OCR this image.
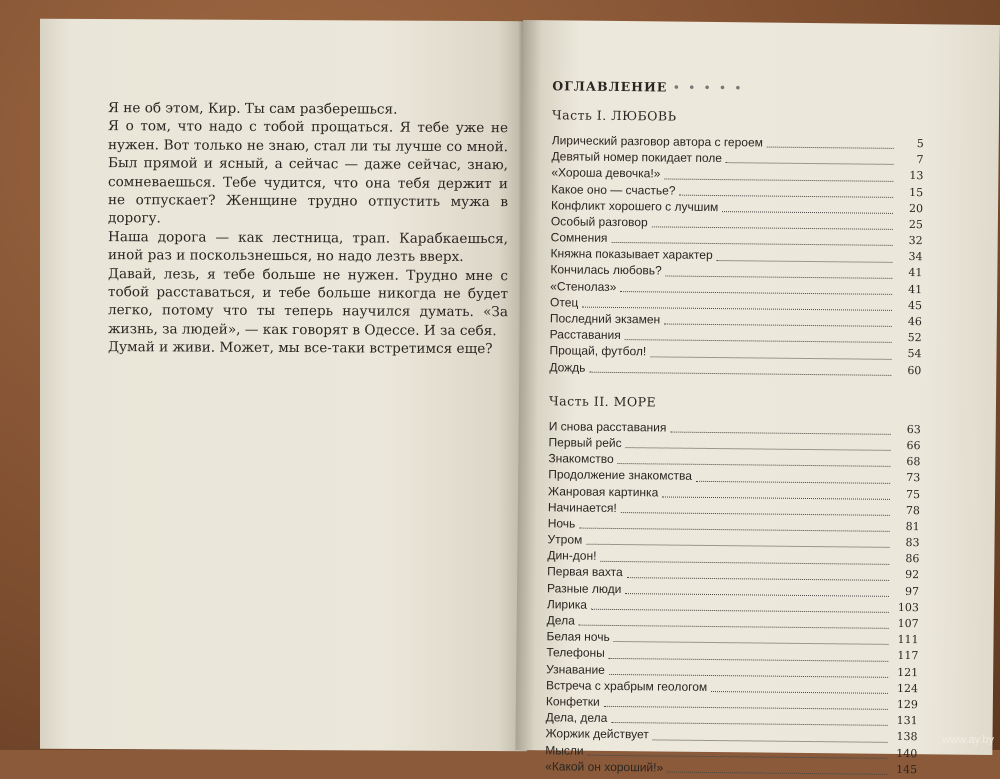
Я не об этом, Кир. Ты сам разберешься.

Я о том, что надо с тобой прощаться. Я тебе уже не нужен. Вот только не знаю, стал ли ты лучше со мной. Был прямой и ясный, а сейчас — даже сейчас, знаю, сомневаешься. Тебе чудится, что она тебя держит и не отпускает? Женщине трудно отпустить мужа в дорогу.

Наша дорога — как лестница, трап. Карабкаешься, иной раз и поскользнешься, но надо лезть вверх.

Давай, лезь, я тебе больше не нужен. Трудно мне с тобой расставаться, и тебе больше никогда не будет легко, потому что ты теперь научился думать. «За жизнь, за людей», — как говорят в Одессе. И за себя.

Думай и живи. Может, мы все-таки встретимся еще?

ОГЛАВЛЕНИЕ • • • • •
Часть I. ЛЮБОВЬ
Лирический разговор автора с героем	5
Девятый номер покидает поле	7
«Хороша девочка!»	13
Какое оно — счастье?	15
Конфликт хорошего с лучшим	20
Особый разговор	25
Сомнения	32
Княжна показывает характер	34
Кончилась любовь?	41
«Стенолаз»	41
Отец	45
Последний экзамен	46
Расставания	52
Прощай, футбол!	54
Дождь	60
Часть II. МОРЕ
И снова расставания	63
Первый рейс	66
Знакомство	68
Продолжение знакомства	73
Жанровая картинка	75
Начинается!	78
Ночь	81
Утром	83
Дин-дон!	86
Первая вахта	92
Разные люди	97
Лирика	103
Дела	107
Белая ночь	111
Телефоны	117
Узнавание	121
Встреча с храбрым геологом	124
Конфетки	129
Дела, дела	131
Жоржик действует	138
Мысли	140
«Какой он хороший!»	145
www.ay.by
